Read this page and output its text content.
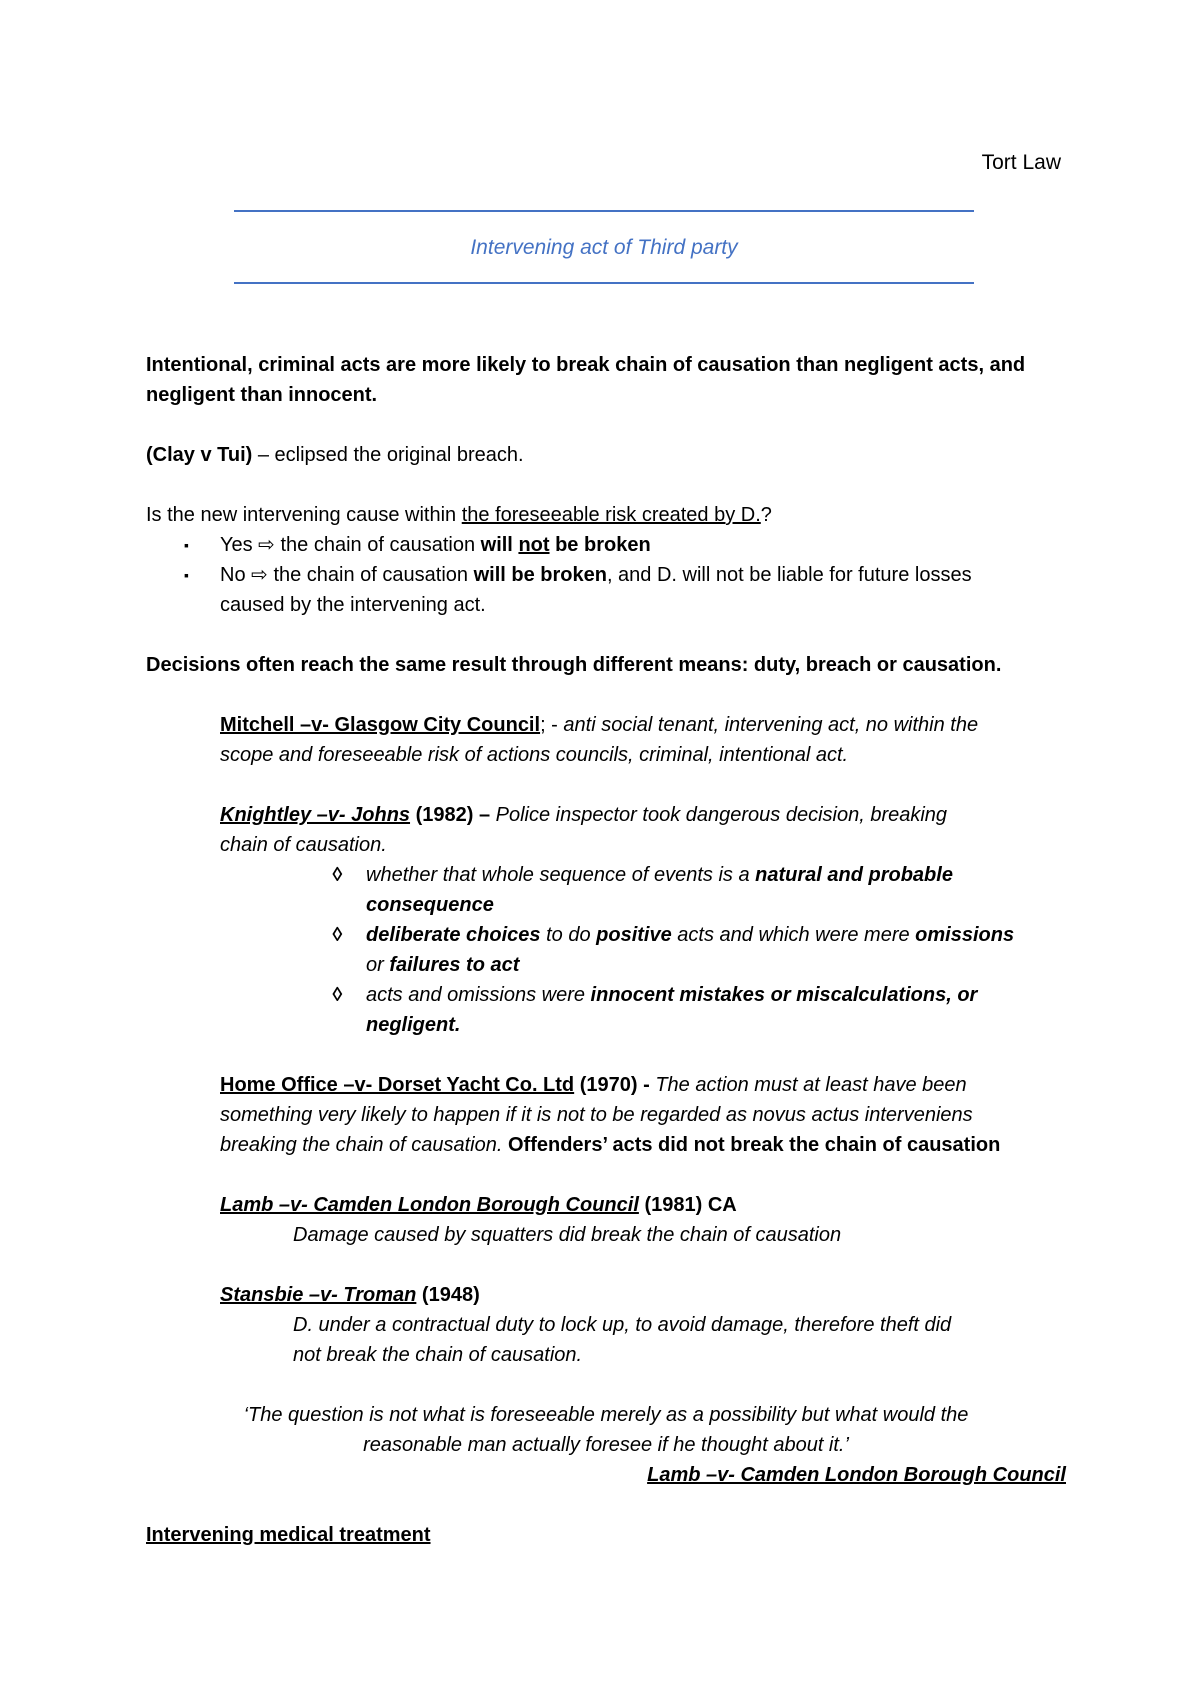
Tort Law
Intervening act of Third party

Intentional, criminal acts are more likely to break chain of causation than negligent acts, and
negligent than innocent.

(Clay v Tui) – eclipsed the original breach.

Is the new intervening cause within the foreseeable risk created by D.?

▪ Yes ⇨ the chain of causation will not be broken
▪ No ⇨ the chain of causation will be broken, and D. will not be liable for future losses
caused by the intervening act.

Decisions often reach the same result through different means: duty, breach or causation.

Mitchell –v- Glasgow City Council; - anti social tenant, intervening act, no within the
scope and foreseeable risk of actions councils, criminal, intentional act.
Knightley –v- Johns (1982) – Police inspector took dangerous decision, breaking
chain of causation.
◊ whether that whole sequence of events is a natural and probable
consequence
◊ deliberate choices to do positive acts and which were mere omissions
or failures to act
◊ acts and omissions were innocent mistakes or miscalculations, or
negligent.
Home Office –v- Dorset Yacht Co. Ltd (1970) - The action must at least have been
something very likely to happen if it is not to be regarded as novus actus interveniens
breaking the chain of causation. Offenders’ acts did not break the chain of causation
Lamb –v- Camden London Borough Council (1981) CA
Damage caused by squatters did break the chain of causation
Stansbie –v- Troman (1948)
D. under a contractual duty to lock up, to avoid damage, therefore theft did
not break the chain of causation.
‘The question is not what is foreseeable merely as a possibility but what would the
reasonable man actually foresee if he thought about it.’
Lamb –v- Camden London Borough Council

Intervening medical treatment
